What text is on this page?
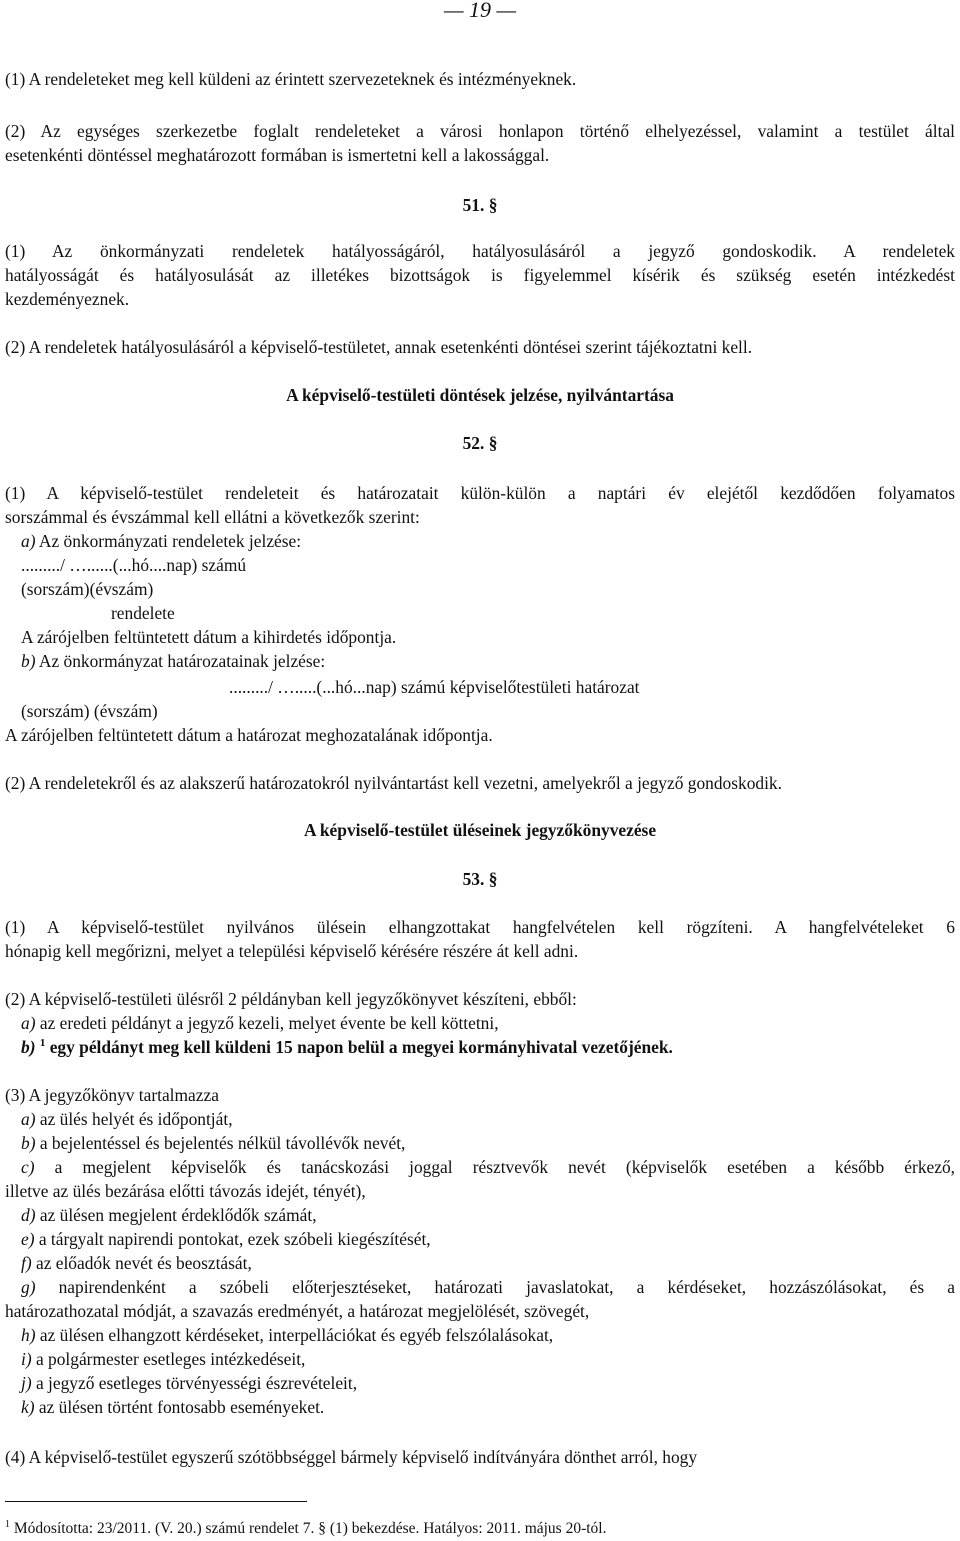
— 19 —
(1) A rendeleteket meg kell küldeni az érintett szervezeteknek és intézményeknek.
(2) Az egységes szerkezetbe foglalt rendeleteket a városi honlapon történő elhelyezéssel, valamint a testület által
esetenkénti döntéssel meghatározott formában is ismertetni kell a lakossággal.
51. §
(1) Az önkormányzati rendeletek hatályosságáról, hatályosulásáról a jegyző gondoskodik. A rendeletek
hatályosságát és hatályosulását az illetékes bizottságok is figyelemmel kísérik és szükség esetén intézkedést
kezdeményeznek.
(2) A rendeletek hatályosulásáról a képviselő-testületet, annak esetenkénti döntései szerint tájékoztatni kell.
A képviselő-testületi döntések jelzése, nyilvántartása
52. §
(1) A képviselő-testület rendeleteit és határozatait külön-külön a naptári év elejétől kezdődően folyamatos
sorszámmal és évszámmal kell ellátni a következők szerint:
a) Az önkormányzati rendeletek jelzése:
........./ …......(...hó....nap) számú
(sorszám)(évszám)
rendelete
A zárójelben feltüntetett dátum a kihirdetés időpontja.
b) Az önkormányzat határozatainak jelzése:
........./ ….....(...hó...nap) számú képviselőtestületi határozat
(sorszám) (évszám)
A zárójelben feltüntetett dátum a határozat meghozatalának időpontja.
(2) A rendeletekről és az alakszerű határozatokról nyilvántartást kell vezetni, amelyekről a jegyző gondoskodik.
A képviselő-testület üléseinek jegyzőkönyvezése
53. §
(1) A képviselő-testület nyilvános ülésein elhangzottakat hangfelvételen kell rögzíteni. A hangfelvételeket 6
hónapig kell megőrizni, melyet a települési képviselő kérésére részére át kell adni.
(2) A képviselő-testületi ülésről 2 példányban kell jegyzőkönyvet készíteni, ebből:
a) az eredeti példányt a jegyző kezeli, melyet évente be kell köttetni,
b) $^1$ egy példányt meg kell küldeni 15 napon belül a megyei kormányhivatal vezetőjének.
(3) A jegyzőkönyv tartalmazza
a) az ülés helyét és időpontját,
b) a bejelentéssel és bejelentés nélkül távollévők nevét,
c) a megjelent képviselők és tanácskozási joggal résztvevők nevét (képviselők esetében a később érkező,
illetve az ülés bezárása előtti távozás idejét, tényét),
d) az ülésen megjelent érdeklődők számát,
e) a tárgyalt napirendi pontokat, ezek szóbeli kiegészítését,
f) az előadók nevét és beosztását,
g) napirendenként a szóbeli előterjesztéseket, határozati javaslatokat, a kérdéseket, hozzászólásokat, és a
határozathozatal módját, a szavazás eredményét, a határozat megjelölését, szövegét,
h) az ülésen elhangzott kérdéseket, interpellációkat és egyéb felszólalásokat,
i) a polgármester esetleges intézkedéseit,
j) a jegyző esetleges törvényességi észrevételeit,
k) az ülésen történt fontosabb eseményeket.
(4) A képviselő-testület egyszerű szótöbbséggel bármely képviselő indítványára dönthet arról, hogy
$^1$ Módosította: 23/2011. (V. 20.) számú rendelet 7. § (1) bekezdése. Hatályos: 2011. május 20-tól.
